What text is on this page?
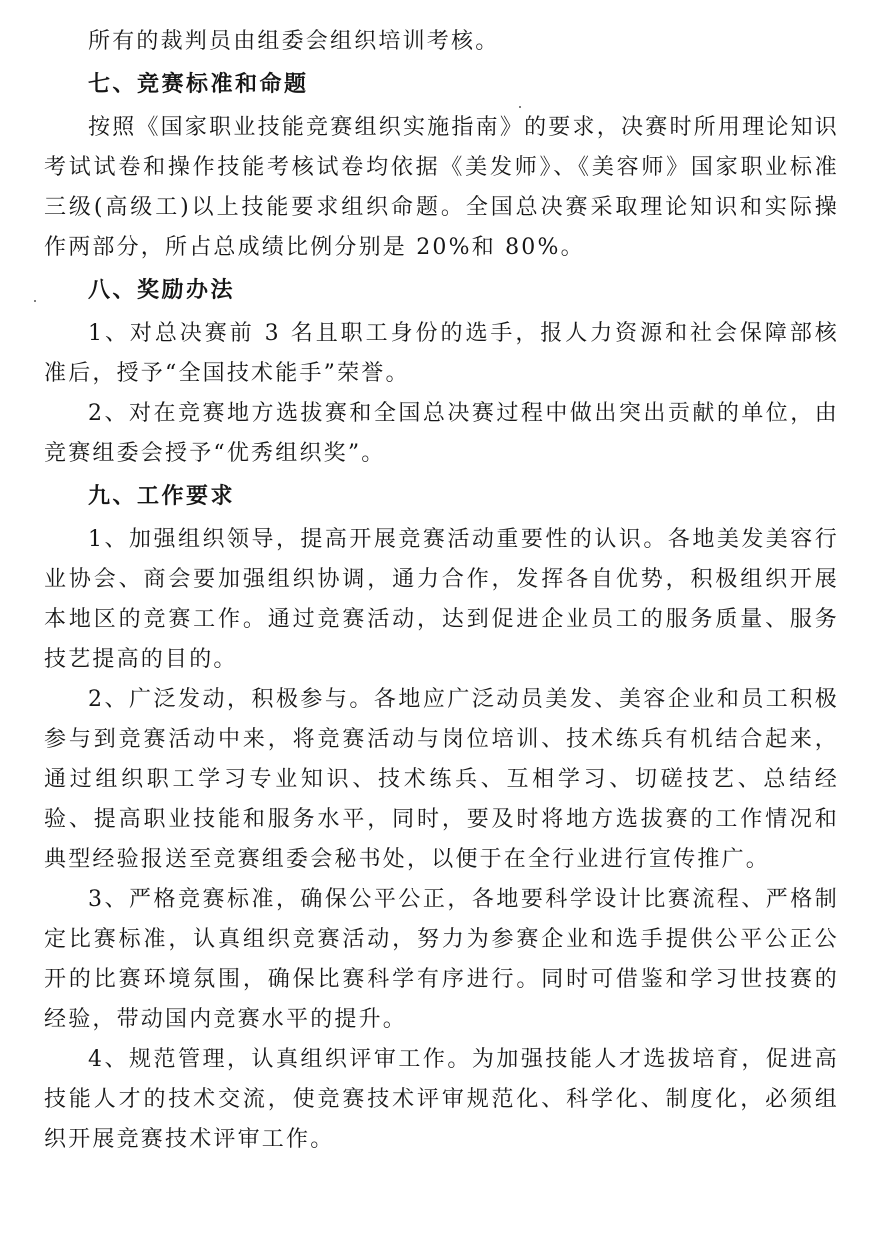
所有的裁判员由组委会组织培训考核。

七、竞赛标准和命题

按照《国家职业技能竞赛组织实施指南》的要求，决赛时所用理论知识考试试卷和操作技能考核试卷均依据《美发师》、《美容师》国家职业标准三级(高级工)以上技能要求组织命题。全国总决赛采取理论知识和实际操作两部分，所占总成绩比例分别是 20%和 80%。

八、奖励办法

1、对总决赛前 3 名且职工身份的选手，报人力资源和社会保障部核准后，授予“全国技术能手”荣誉。

2、对在竞赛地方选拔赛和全国总决赛过程中做出突出贡献的单位，由竞赛组委会授予“优秀组织奖”。

九、工作要求

1、加强组织领导，提高开展竞赛活动重要性的认识。各地美发美容行业协会、商会要加强组织协调，通力合作，发挥各自优势，积极组织开展本地区的竞赛工作。通过竞赛活动，达到促进企业员工的服务质量、服务技艺提高的目的。

2、广泛发动，积极参与。各地应广泛动员美发、美容企业和员工积极参与到竞赛活动中来，将竞赛活动与岗位培训、技术练兵有机结合起来，通过组织职工学习专业知识、技术练兵、互相学习、切磋技艺、总结经验、提高职业技能和服务水平，同时，要及时将地方选拔赛的工作情况和典型经验报送至竞赛组委会秘书处，以便于在全行业进行宣传推广。

3、严格竞赛标准，确保公平公正，各地要科学设计比赛流程、严格制定比赛标准，认真组织竞赛活动，努力为参赛企业和选手提供公平公正公开的比赛环境氛围，确保比赛科学有序进行。同时可借鉴和学习世技赛的经验，带动国内竞赛水平的提升。

4、规范管理，认真组织评审工作。为加强技能人才选拔培育，促进高技能人才的技术交流，使竞赛技术评审规范化、科学化、制度化，必须组织开展竞赛技术评审工作。
